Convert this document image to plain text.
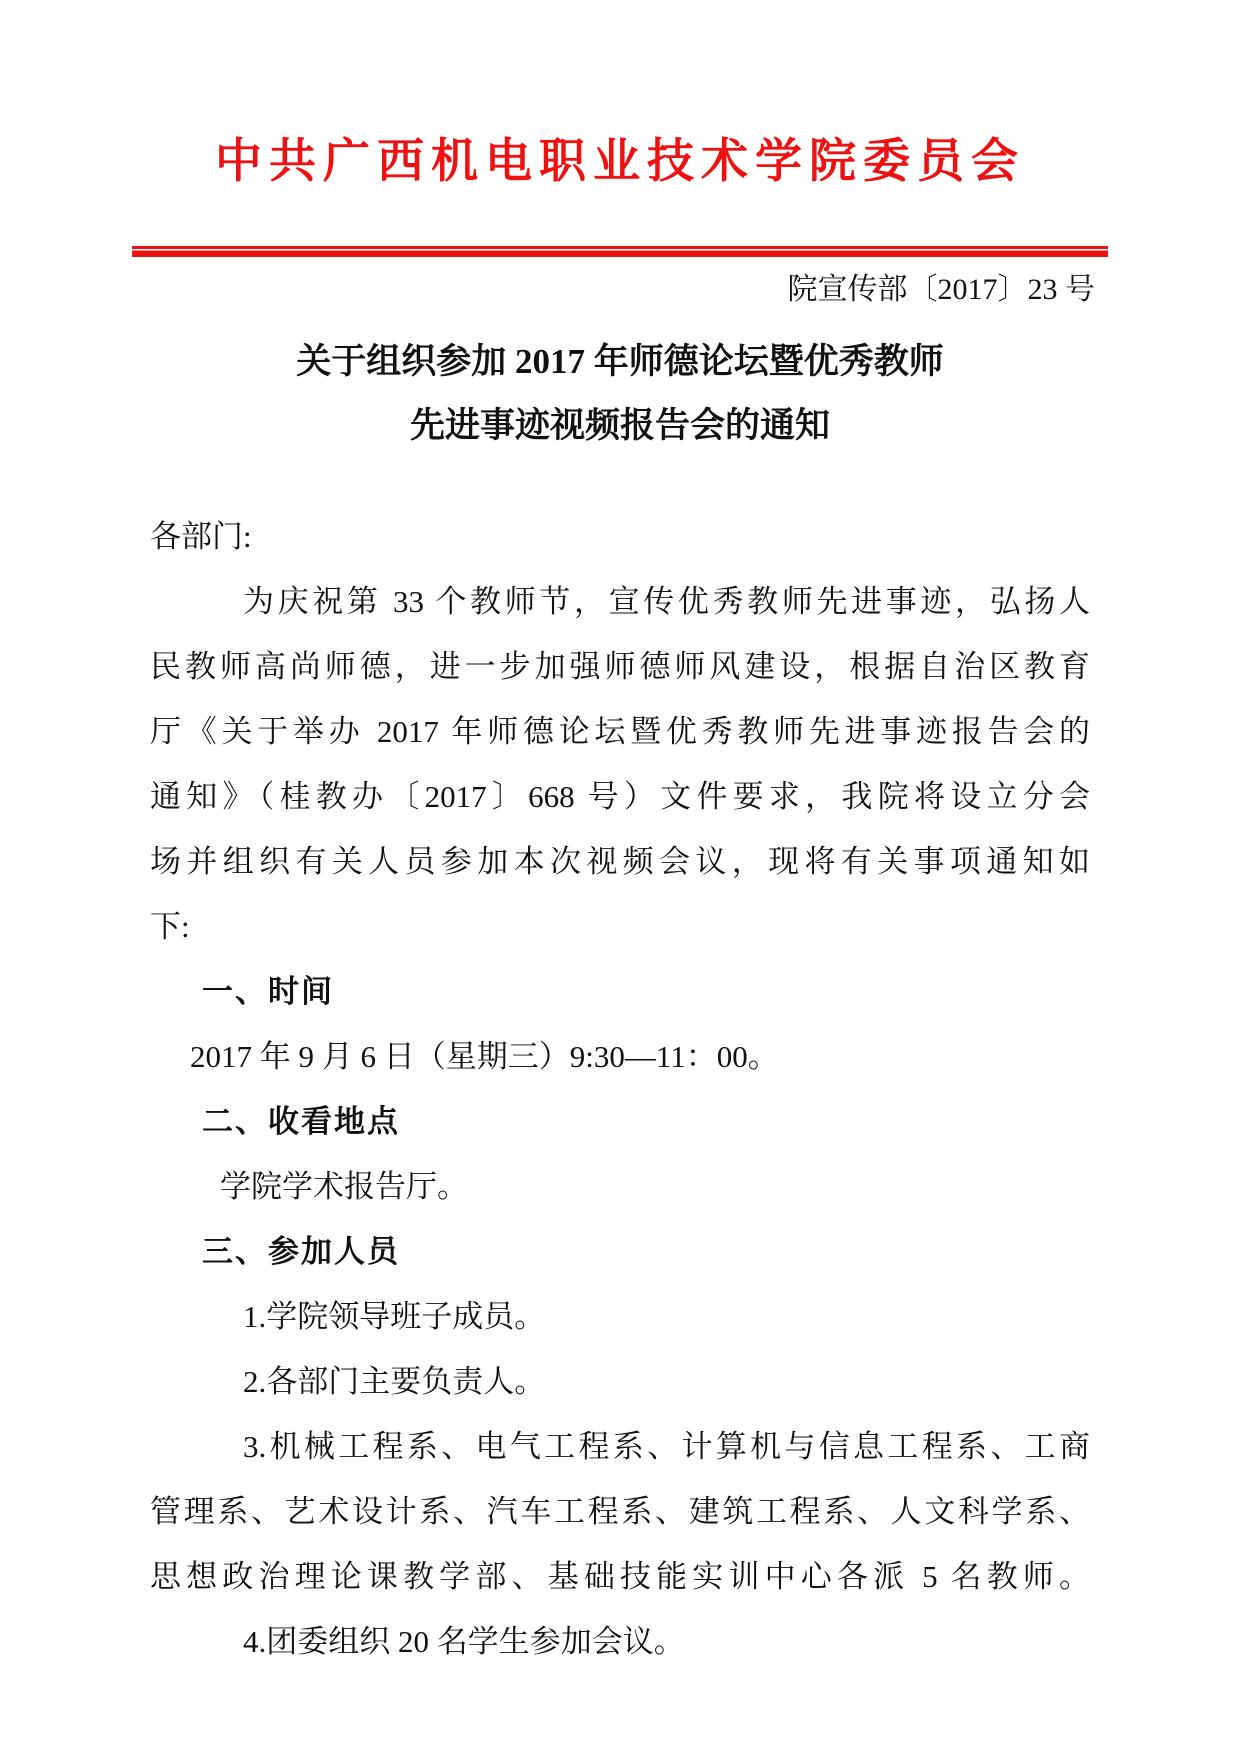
中共广西机电职业技术学院委员会
院宣传部〔2017〕23 号
关于组织参加 2017 年师德论坛暨优秀教师
先进事迹视频报告会的通知
各部门:
为庆祝第 33 个教师节，宣传优秀教师先进事迹，弘扬人
民教师高尚师德，进一步加强师德师风建设，根据自治区教育
厅《关于举办 2017 年师德论坛暨优秀教师先进事迹报告会的
通知》（桂教办〔2017〕668 号）文件要求，我院将设立分会
场并组织有关人员参加本次视频会议，现将有关事项通知如
下:
一、时间
2017 年 9 月 6 日（星期三）9:30—11：00。
二、收看地点
学院学术报告厅。
三、参加人员
1.学院领导班子成员。
2.各部门主要负责人。
3.机械工程系、电气工程系、计算机与信息工程系、工商
管理系、艺术设计系、汽车工程系、建筑工程系、人文科学系、
思想政治理论课教学部、基础技能实训中心各派 5 名教师。
4.团委组织 20 名学生参加会议。
